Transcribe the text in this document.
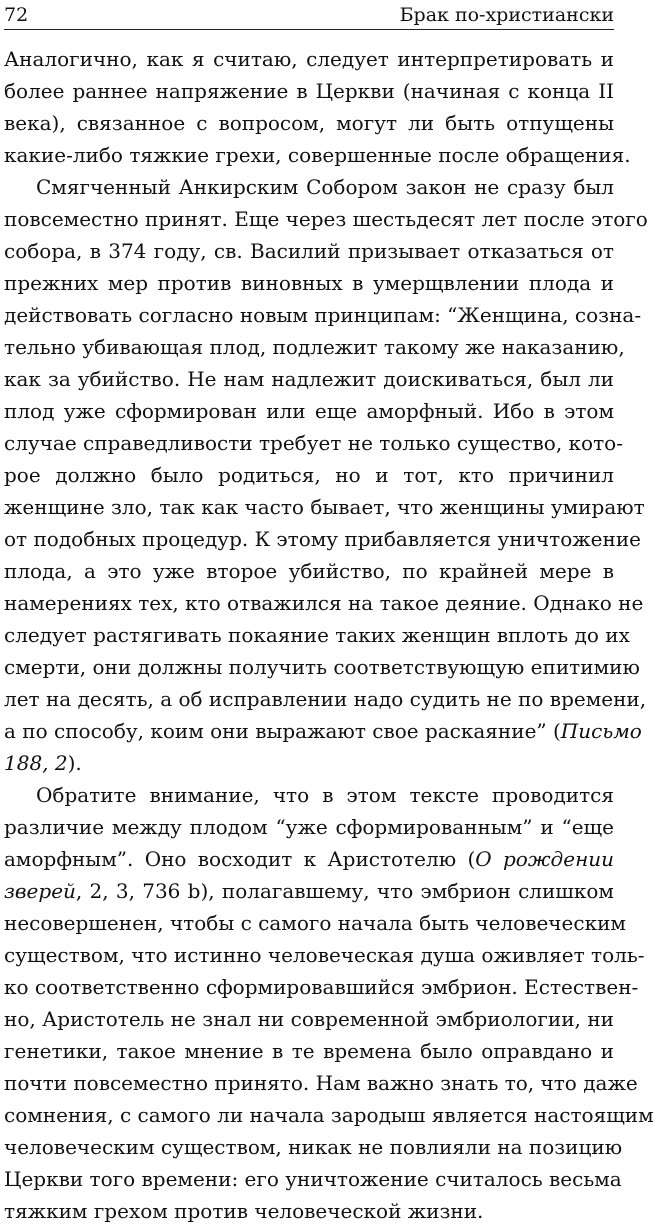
72	Брак по-христиански

Аналогично, как я считаю, следует интерпретировать и
более раннее напряжение в Церкви (начиная с конца II
века), связанное с вопросом, могут ли быть отпущены
какие-либо тяжкие грехи, совершенные после обращения.

Смягченный Анкирским Собором закон не сразу был
повсеместно принят. Еще через шестьдесят лет после этого
собора, в 374 году, св. Василий призывает отказаться от
прежних мер против виновных в умерщвлении плода и
действовать согласно новым принципам: “Женщина, созна-
тельно убивающая плод, подлежит такому же наказанию,
как за убийство. Не нам надлежит доискиваться, был ли
плод уже сформирован или еще аморфный. Ибо в этом
случае справедливости требует не только существо, кото-
рое должно было родиться, но и тот, кто причинил
женщине зло, так как часто бывает, что женщины умирают
от подобных процедур. К этому прибавляется уничтожение
плода, а это уже второе убийство, по крайней мере в
намерениях тех, кто отважился на такое деяние. Однако не
следует растягивать покаяние таких женщин вплоть до их
смерти, они должны получить соответствующую епитимию
лет на десять, а об исправлении надо судить не по времени,
а по способу, коим они выражают свое раскаяние” (Письмо
188, 2).

Обратите внимание, что в этом тексте проводится
различие между плодом “уже сформированным” и “еще
аморфным”. Оно восходит к Аристотелю (О рождении
зверей, 2, 3, 736 b), полагавшему, что эмбрион слишком
несовершенен, чтобы с самого начала быть человеческим
существом, что истинно человеческая душа оживляет толь-
ко соответственно сформировавшийся эмбрион. Естествен-
но, Аристотель не знал ни современной эмбриологии, ни
генетики, такое мнение в те времена было оправдано и
почти повсеместно принято. Нам важно знать то, что даже
сомнения, с самого ли начала зародыш является настоящим
человеческим существом, никак не повлияли на позицию
Церкви того времени: его уничтожение считалось весьма
тяжким грехом против человеческой жизни.
